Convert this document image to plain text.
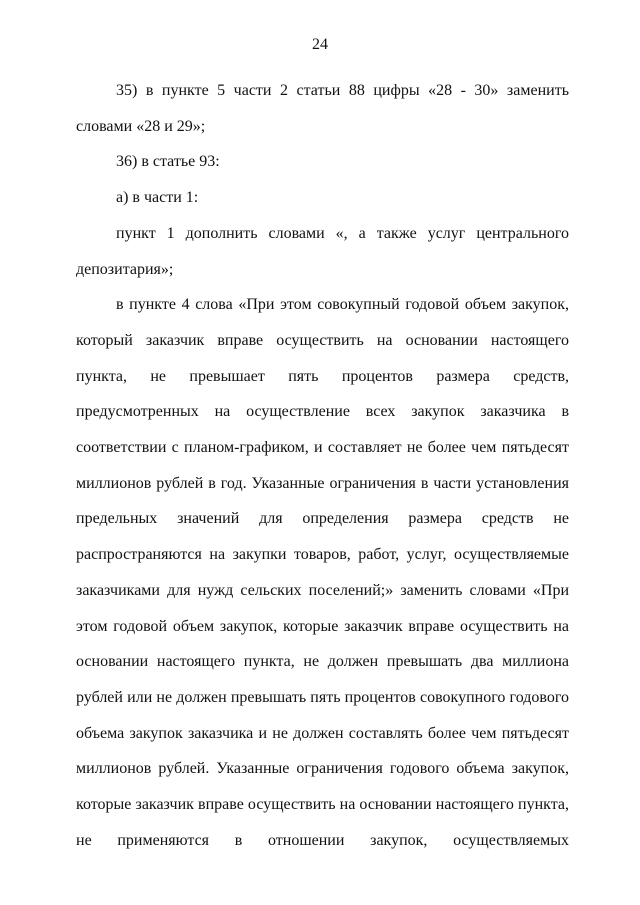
24

35) в пункте 5 части 2 статьи 88 цифры «28 - 30» заменить словами «28 и 29»;

36) в статье 93:

а) в части 1:

пункт 1 дополнить словами «, а также услуг центрального депозитария»;

в пункте 4 слова «При этом совокупный годовой объем закупок, который заказчик вправе осуществить на основании настоящего пункта, не превышает пять процентов размера средств, предусмотренных на осуществление всех закупок заказчика в соответствии с планом-графиком, и составляет не более чем пятьдесят миллионов рублей в год. Указанные ограничения в части установления предельных значений для определения размера средств не распространяются на закупки товаров, работ, услуг, осуществляемые заказчиками для нужд сельских поселений;» заменить словами «При этом годовой объем закупок, которые заказчик вправе осуществить на основании настоящего пункта, не должен превышать два миллиона рублей или не должен превышать пять процентов совокупного годового объема закупок заказчика и не должен составлять более чем пятьдесят миллионов рублей. Указанные ограничения годового объема закупок, которые заказчик вправе осуществить на основании настоящего пункта, не применяются в отношении закупок, осуществляемых
